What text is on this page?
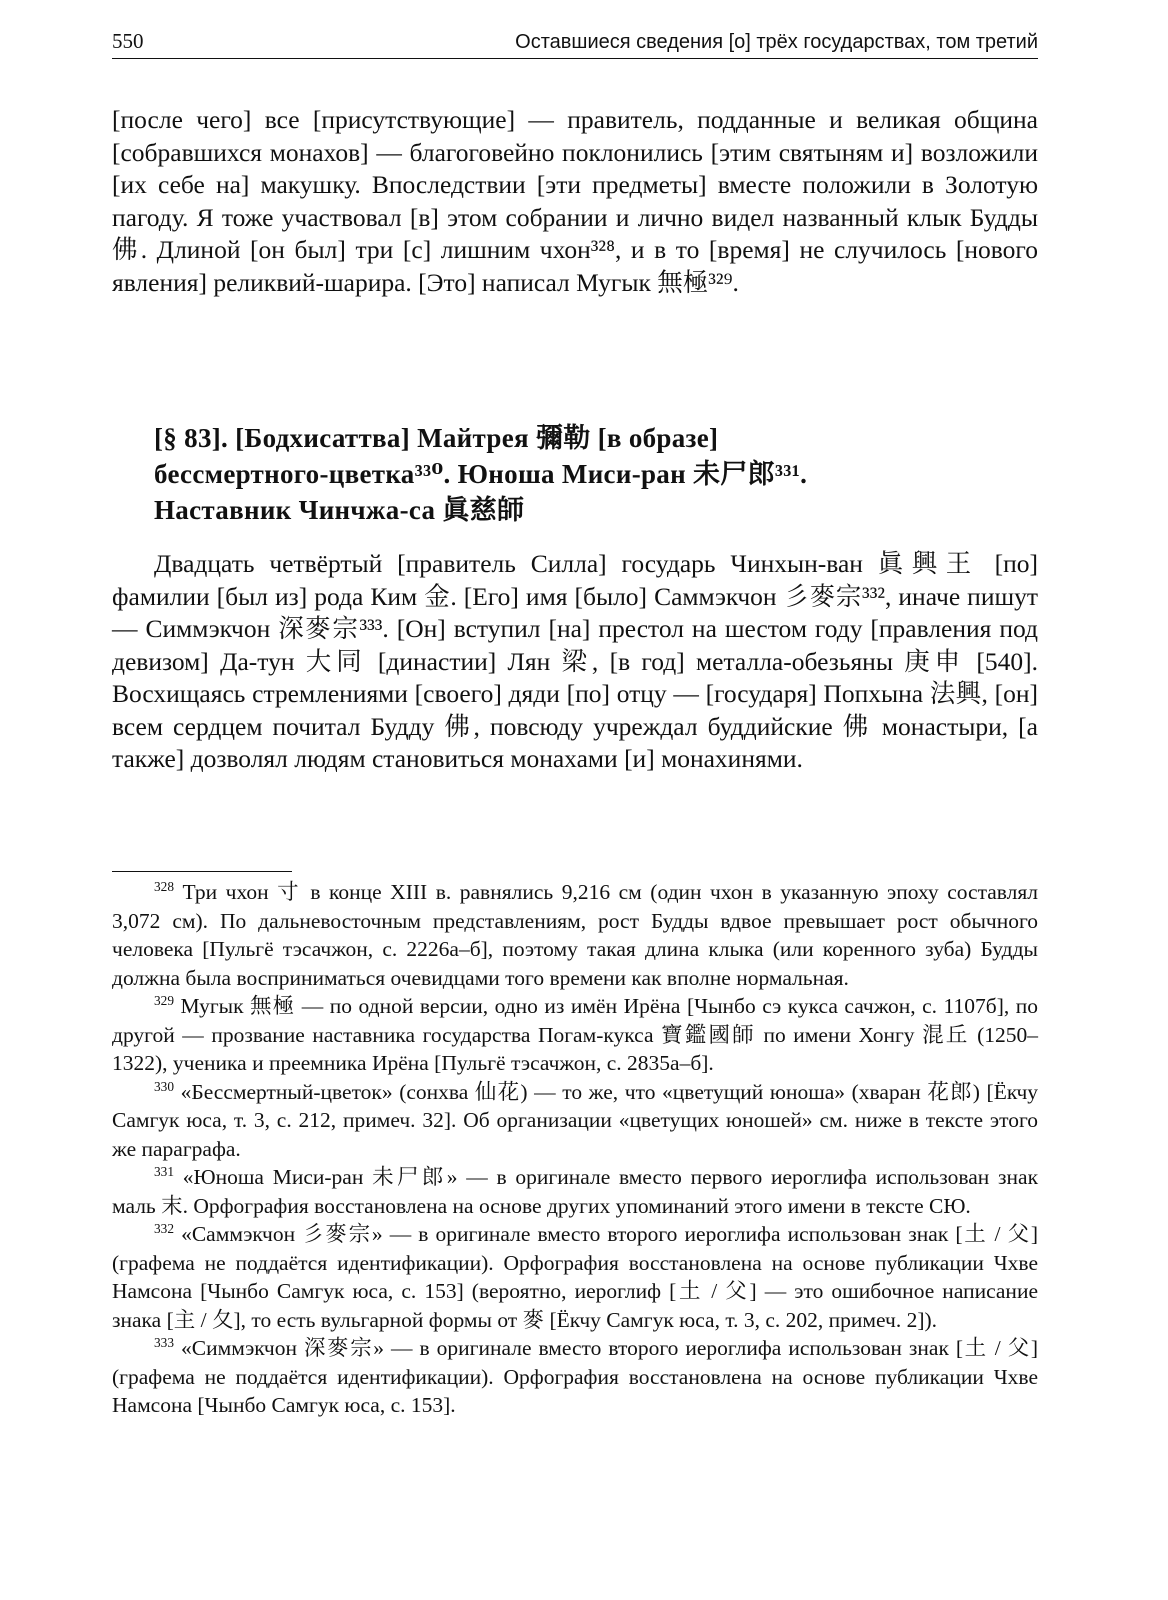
550	Оставшиеся сведения [о] трёх государствах, том третий

[после чего] все [присутствующие] — правитель, подданные и великая община [собравшихся монахов] — благоговейно поклонились [этим святыням и] возложили [их себе на] макушку. Впоследствии [эти предметы] вместе положили в Золотую пагоду. Я тоже участвовал [в] этом собрании и лично видел названный клык Будды 佛. Длиной [он был] три [с] лишним чхон³²⁸, и в то [время] не случилось [нового явления] реликвий-шарира. [Это] написал Мугык 無極³²⁹.

[§ 83]. [Бодхисаттва] Майтрея 彌勒 [в образе]
бессмертного-цветка³³⁰. Юноша Миси-ран 未尸郎³³¹.
Наставник Чинчжа-са 眞慈師

Двадцать четвёртый [правитель Силла] государь Чинхын-ван 眞興王 [по] фамилии [был из] рода Ким 金. [Его] имя [было] Саммэкчон 彡麥宗³³², иначе пишут — Симмэкчон 深麥宗³³³. [Он] вступил [на] престол на шестом году [правления под девизом] Да-тун 大同 [династии] Лян 梁, [в год] металла-обезьяны 庚申 [540]. Восхищаясь стремлениями [своего] дяди [по] отцу — [государя] Попхына 法興, [он] всем сердцем почитал Будду 佛, повсюду учреждал буддийские 佛 монастыри, [а также] дозволял людям становиться монахами [и] монахинями.

$^{328}$ Три чхон 寸 в конце XIII в. равнялись 9,216 см (один чхон в указанную эпоху составлял 3,072 см). По дальневосточным представлениям, рост Будды вдвое превышает рост обычного человека [Пульгё тэсачжон, с. 2226а–б], поэтому такая длина клыка (или коренного зуба) Будды должна была восприниматься очевидцами того времени как вполне нормальная.

$^{329}$ Мугык 無極 — по одной версии, одно из имён Ирёна [Чынбо сэ кукса сачжон, с. 1107б], по другой — прозвание наставника государства Погам-кукса 寶鑑國師 по имени Хонгу 混丘 (1250–1322), ученика и преемника Ирёна [Пульгё тэсачжон, с. 2835а–б].

$^{330}$ «Бессмертный-цветок» (сонхва 仙花) — то же, что «цветущий юноша» (хваран 花郎) [Ёкчу Самгук юса, т. 3, с. 212, примеч. 32]. Об организации «цветущих юношей» см. ниже в тексте этого же параграфа.

$^{331}$ «Юноша Миси-ран 未尸郎» — в оригинале вместо первого иероглифа использован знак маль 末. Орфография восстановлена на основе других упоминаний этого имени в тексте СЮ.

$^{332}$ «Саммэкчон 彡麥宗» — в оригинале вместо второго иероглифа использован знак [土 / 父] (графема не поддаётся идентификации). Орфография восстановлена на основе публикации Чхве Намсона [Чынбо Самгук юса, с. 153] (вероятно, иероглиф [土 / 父] — это ошибочное написание знака [主 / 夂], то есть вульгарной формы от 麥 [Ёкчу Самгук юса, т. 3, с. 202, примеч. 2]).

$^{333}$ «Симмэкчон 深麥宗» — в оригинале вместо второго иероглифа использован знак [土 / 父] (графема не поддаётся идентификации). Орфография восстановлена на основе публикации Чхве Намсона [Чынбо Самгук юса, с. 153].
